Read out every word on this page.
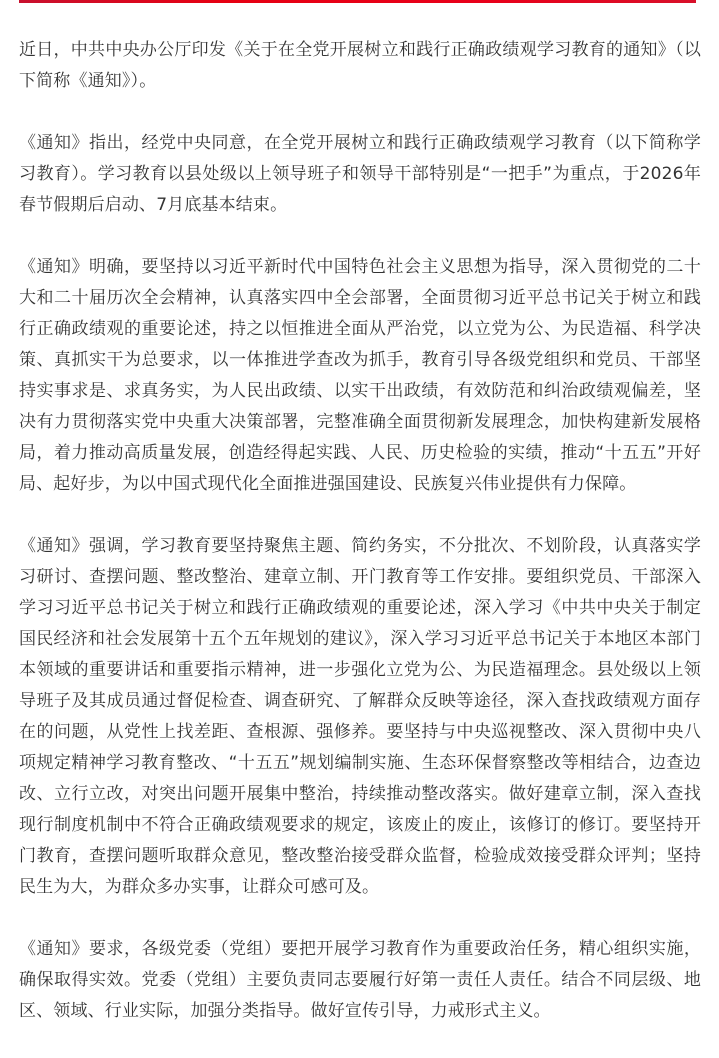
近日，中共中央办公厅印发《关于在全党开展树立和践行正确政绩观学习教育的通知》（以下简称《通知》）。

《通知》指出，经党中央同意，在全党开展树立和践行正确政绩观学习教育（以下简称学习教育）。学习教育以县处级以上领导班子和领导干部特别是“一把手”为重点，于2026年春节假期后启动、7月底基本结束。

《通知》明确，要坚持以习近平新时代中国特色社会主义思想为指导，深入贯彻党的二十大和二十届历次全会精神，认真落实四中全会部署，全面贯彻习近平总书记关于树立和践行正确政绩观的重要论述，持之以恒推进全面从严治党，以立党为公、为民造福、科学决策、真抓实干为总要求，以一体推进学查改为抓手，教育引导各级党组织和党员、干部坚持实事求是、求真务实，为人民出政绩、以实干出政绩，有效防范和纠治政绩观偏差，坚决有力贯彻落实党中央重大决策部署，完整准确全面贯彻新发展理念，加快构建新发展格局，着力推动高质量发展，创造经得起实践、人民、历史检验的实绩，推动“十五五”开好局、起好步，为以中国式现代化全面推进强国建设、民族复兴伟业提供有力保障。

《通知》强调，学习教育要坚持聚焦主题、简约务实，不分批次、不划阶段，认真落实学习研讨、查摆问题、整改整治、建章立制、开门教育等工作安排。要组织党员、干部深入学习习近平总书记关于树立和践行正确政绩观的重要论述，深入学习《中共中央关于制定国民经济和社会发展第十五个五年规划的建议》，深入学习习近平总书记关于本地区本部门本领域的重要讲话和重要指示精神，进一步强化立党为公、为民造福理念。县处级以上领导班子及其成员通过督促检查、调查研究、了解群众反映等途径，深入查找政绩观方面存在的问题，从党性上找差距、查根源、强修养。要坚持与中央巡视整改、深入贯彻中央八项规定精神学习教育整改、“十五五”规划编制实施、生态环保督察整改等相结合，边查边改、立行立改，对突出问题开展集中整治，持续推动整改落实。做好建章立制，深入查找现行制度机制中不符合正确政绩观要求的规定，该废止的废止，该修订的修订。要坚持开门教育，查摆问题听取群众意见，整改整治接受群众监督，检验成效接受群众评判；坚持民生为大，为群众多办实事，让群众可感可及。

《通知》要求，各级党委（党组）要把开展学习教育作为重要政治任务，精心组织实施，确保取得实效。党委（党组）主要负责同志要履行好第一责任人责任。结合不同层级、地区、领域、行业实际，加强分类指导。做好宣传引导，力戒形式主义。
